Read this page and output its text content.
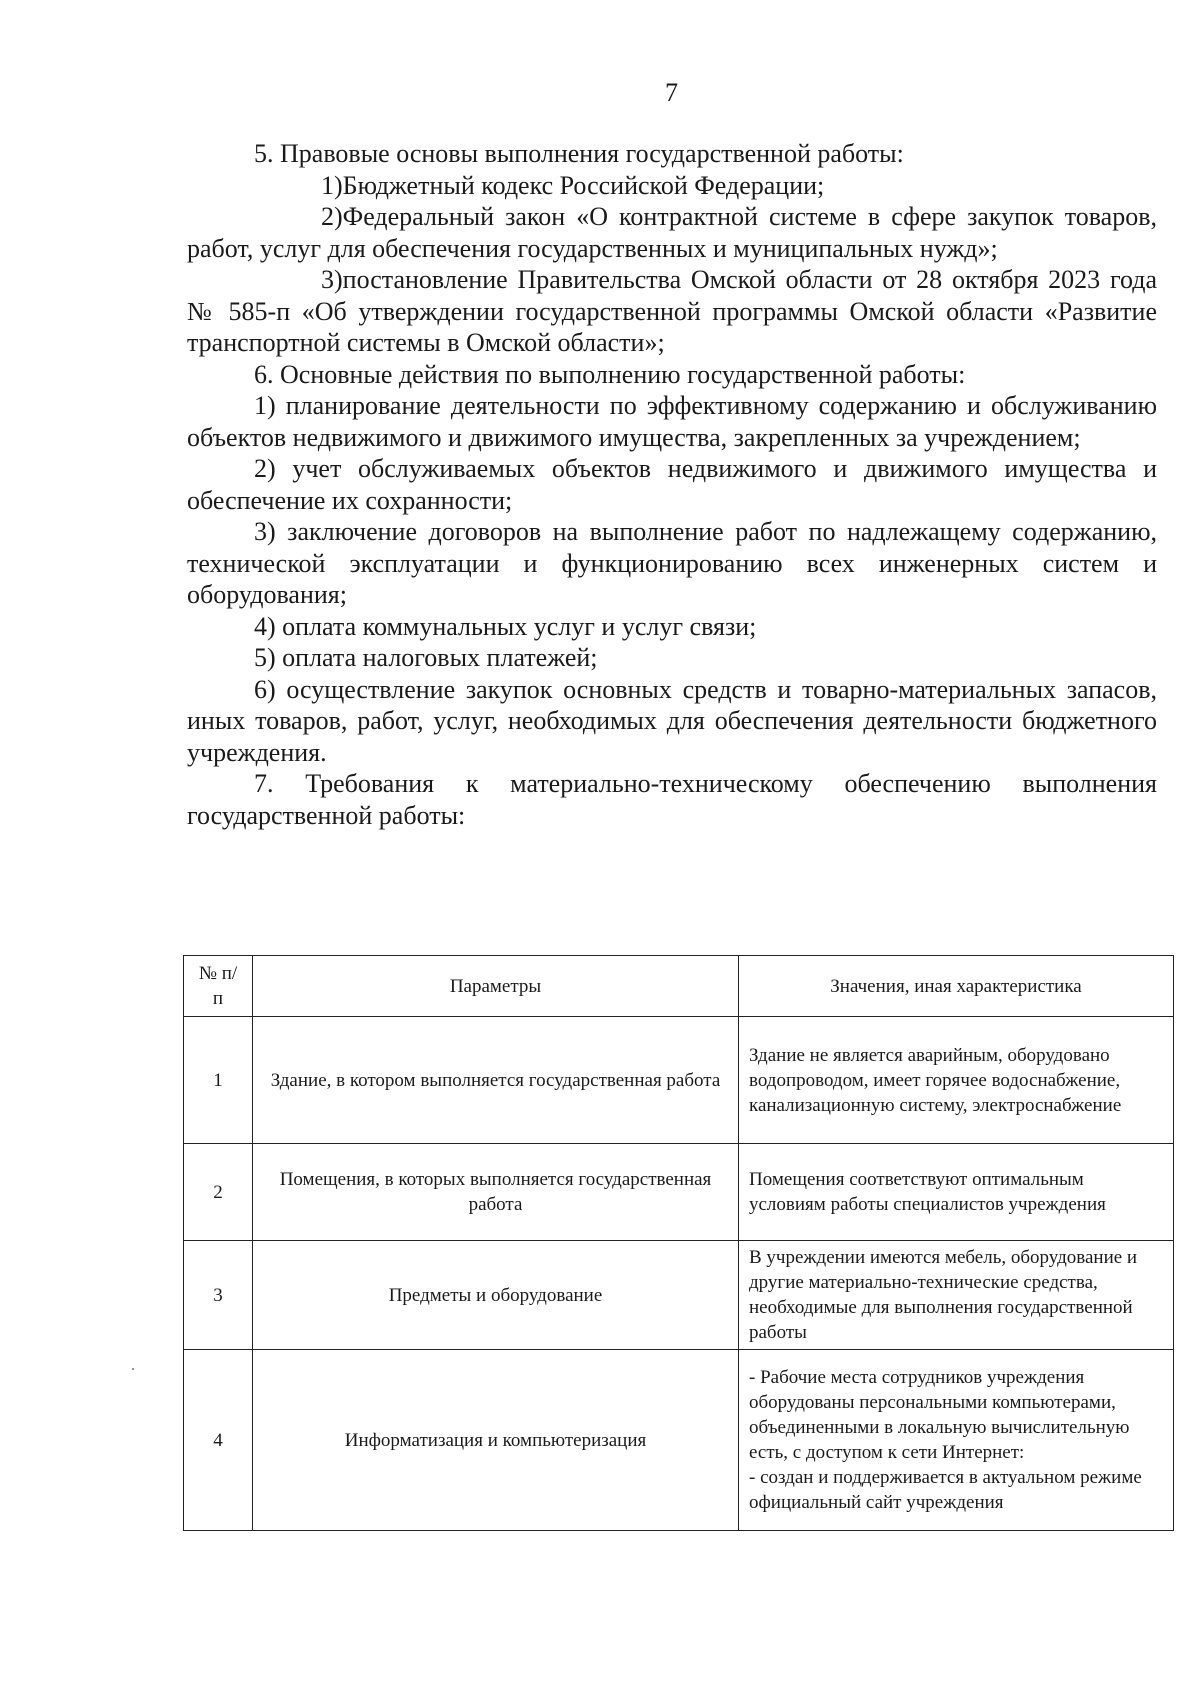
7

5. Правовые основы выполнения государственной работы:

1)Бюджетный кодекс Российской Федерации;

2)Федеральный закон «О контрактной системе в сфере закупок товаров, работ, услуг для обеспечения государственных и муниципальных нужд»;

3)постановление Правительства Омской области от 28 октября 2023 года № 585-п «Об утверждении государственной программы Омской области «Развитие транспортной системы в Омской области»;

6. Основные действия по выполнению государственной работы:

1) планирование деятельности по эффективному содержанию и обслуживанию объектов недвижимого и движимого имущества, закрепленных за учреждением;

2) учет обслуживаемых объектов недвижимого и движимого имущества и обеспечение их сохранности;

3) заключение договоров на выполнение работ по надлежащему содержанию, технической эксплуатации и функционированию всех инженерных систем и оборудования;

4) оплата коммунальных услуг и услуг связи;

5) оплата налоговых платежей;

6) осуществление закупок основных средств и товарно-материальных запасов, иных товаров, работ, услуг, необходимых для обеспечения деятельности бюджетного учреждения.

7. Требования к материально-техническому обеспечению выполнения государственной работы:

№ п/п	Параметры	Значения, иная характеристика
1	Здание, в котором выполняется государственная работа	Здание не является аварийным, оборудовано водопроводом, имеет горячее водоснабжение, канализационную систему, электроснабжение
2	Помещения, в которых выполняется государственная работа	Помещения соответствуют оптимальным условиям работы специалистов учреждения
3	Предметы и оборудование	В учреждении имеются мебель, оборудование и другие материально-технические средства, необходимые для выполнения государственной работы
4	Информатизация и компьютеризация	- Рабочие места сотрудников учреждения оборудованы персональными компьютерами, объединенными в локальную вычислительную есть, с доступом к сети Интернет:
- создан и поддерживается в актуальном режиме официальный сайт учреждения
